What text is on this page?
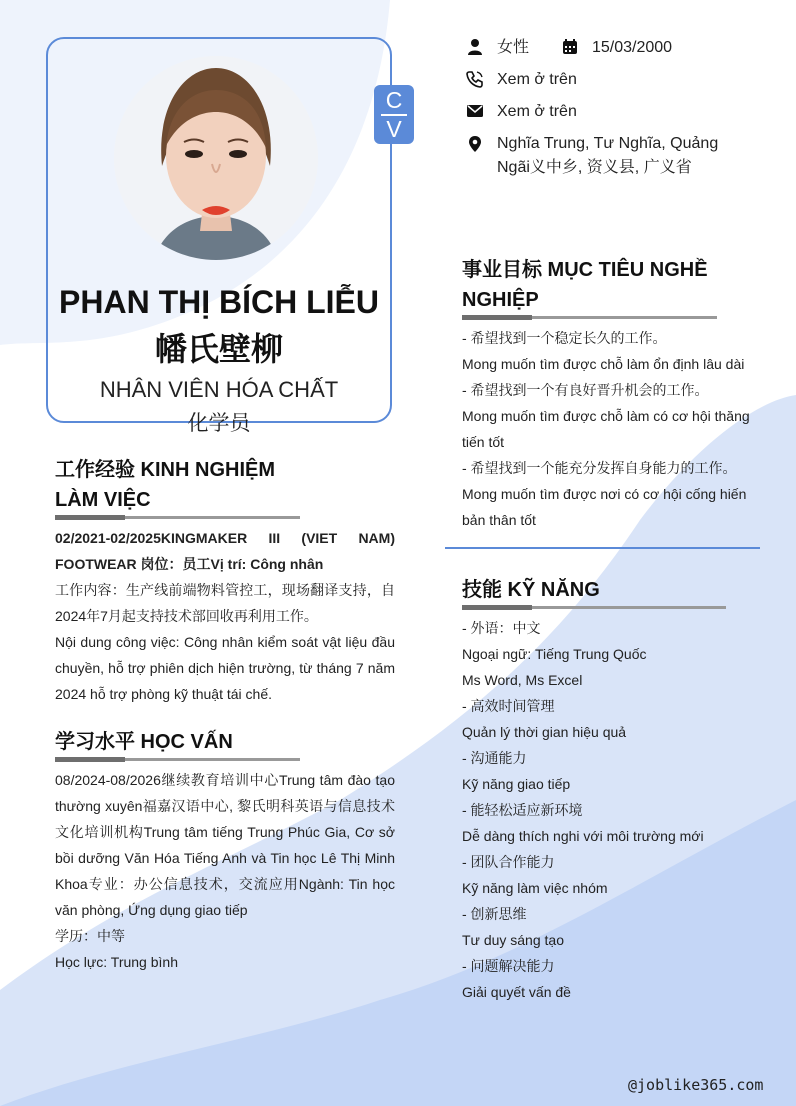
C
V
PHAN THỊ BÍCH LIỄU
幡氏壁柳
NHÂN VIÊN HÓA CHẤT
化学员
女性	15/03/2000
Xem ở trên
Xem ở trên
Nghĩa Trung, Tư Nghĩa, Quảng
Ngãi义中乡, 资义县, 广义省
工作经验 KINH NGHIỆM
LÀM VIỆC
02/2021-02/2025KINGMAKER III (VIET NAM)
FOOTWEAR 岗位：员工Vị trí: Công nhân
工作内容：生产线前端物料管控工，现场翻译支持，自
2024年7月起支持技术部回收再利用工作。
Nội dung công việc: Công nhân kiểm soát vật liệu đầu
chuyền, hỗ trợ phiên dịch hiện trường, từ tháng 7 năm
2024 hỗ trợ phòng kỹ thuật tái chế.
学习水平 HỌC VẤN
08/2024-08/2026继续教育培训中心Trung tâm đào tạo
thường xuyên福嘉汉语中心, 黎氏明科英语与信息技术
文化培训机构Trung tâm tiếng Trung Phúc Gia, Cơ sở
bồi dưỡng Văn Hóa Tiếng Anh và Tin học Lê Thị Minh
Khoa专业：办公信息技术，交流应用Ngành: Tin học
văn phòng, Ứng dụng giao tiếp
学历：中等
Học lực: Trung bình
事业目标 MỤC TIÊU NGHỀ
NGHIỆP
- 希望找到一个稳定长久的工作。
Mong muốn tìm được chỗ làm ổn định lâu dài
- 希望找到一个有良好晋升机会的工作。
Mong muốn tìm được chỗ làm có cơ hội thăng
tiến tốt
- 希望找到一个能充分发挥自身能力的工作。
Mong muốn tìm được nơi có cơ hội cống hiến
bản thân tốt
技能 KỸ NĂNG
- 外语：中文
Ngoại ngữ: Tiếng Trung Quốc
Ms Word, Ms Excel
- 高效时间管理
Quản lý thời gian hiệu quả
- 沟通能力
Kỹ năng giao tiếp
- 能轻松适应新环境
Dễ dàng thích nghi với môi trường mới
- 团队合作能力
Kỹ năng làm việc nhóm
- 创新思维
Tư duy sáng tạo
- 问题解决能力
Giải quyết vấn đề
@joblike365.com
